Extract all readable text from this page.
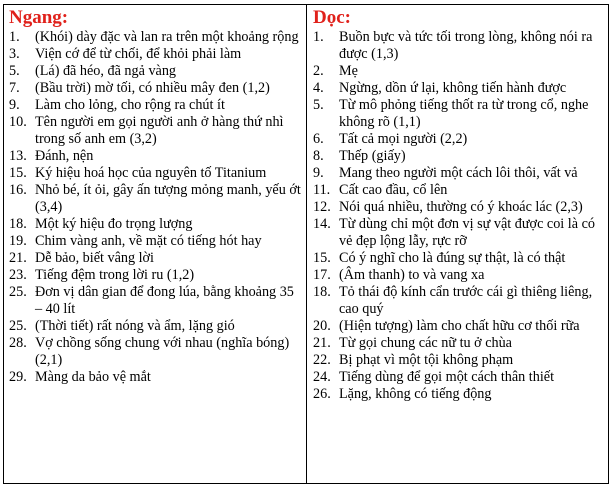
Ngang:
1.	(Khói) dày đặc và lan ra trên một khoảng rộng
3.	Viện cớ để từ chối, để khỏi phải làm
5.	(Lá) đã héo, đã ngả vàng
7.	(Bầu trời) mờ tối, có nhiều mây đen (1,2)
9.	Làm cho lỏng, cho rộng ra chút ít
10. Tên người em gọi người anh ở hàng thứ nhì trong số anh em (3,2)
13. Đánh, nện
15. Ký hiệu hoá học của nguyên tố Titanium
16. Nhỏ bé, ít ỏi, gây ấn tượng mỏng manh, yếu ớt (3,4)
18. Một ký hiệu đo trọng lượng
19. Chim vàng anh, về mặt có tiếng hót hay
21. Dễ bảo, biết vâng lời
23. Tiếng đệm trong lời ru (1,2)
25. Đơn vị dân gian để đong lúa, bằng khoảng 35 – 40 lít
25. (Thời tiết) rất nóng và ẩm, lặng gió
28. Vợ chồng sống chung với nhau (nghĩa bóng) (2,1)
29. Màng da bảo vệ mắt
Dọc:
1.	Buồn bực và tức tối trong lòng, không nói ra được (1,3)
2.	Mẹ
4.	Ngừng, dồn ứ lại, không tiến hành được
5.	Từ mô phỏng tiếng thốt ra từ trong cổ, nghe không rõ (1,1)
6.	Tất cả mọi người (2,2)
8.	Thếp (giấy)
9.	Mang theo người một cách lôi thôi, vất vả
11. Cất cao đầu, cổ lên
12. Nói quá nhiều, thường có ý khoác lác (2,3)
14. Từ dùng chỉ một đơn vị sự vật được coi là có vẻ đẹp lộng lẫy, rực rỡ
15. Có ý nghĩ cho là đúng sự thật, là có thật
17. (Âm thanh) to và vang xa
18. Tỏ thái độ kính cẩn trước cái gì thiêng liêng, cao quý
20. (Hiện tượng) làm cho chất hữu cơ thối rữa
21. Từ gọi chung các nữ tu ở chùa
22. Bị phạt vì một tội không phạm
24. Tiếng dùng để gọi một cách thân thiết
26. Lặng, không có tiếng động
